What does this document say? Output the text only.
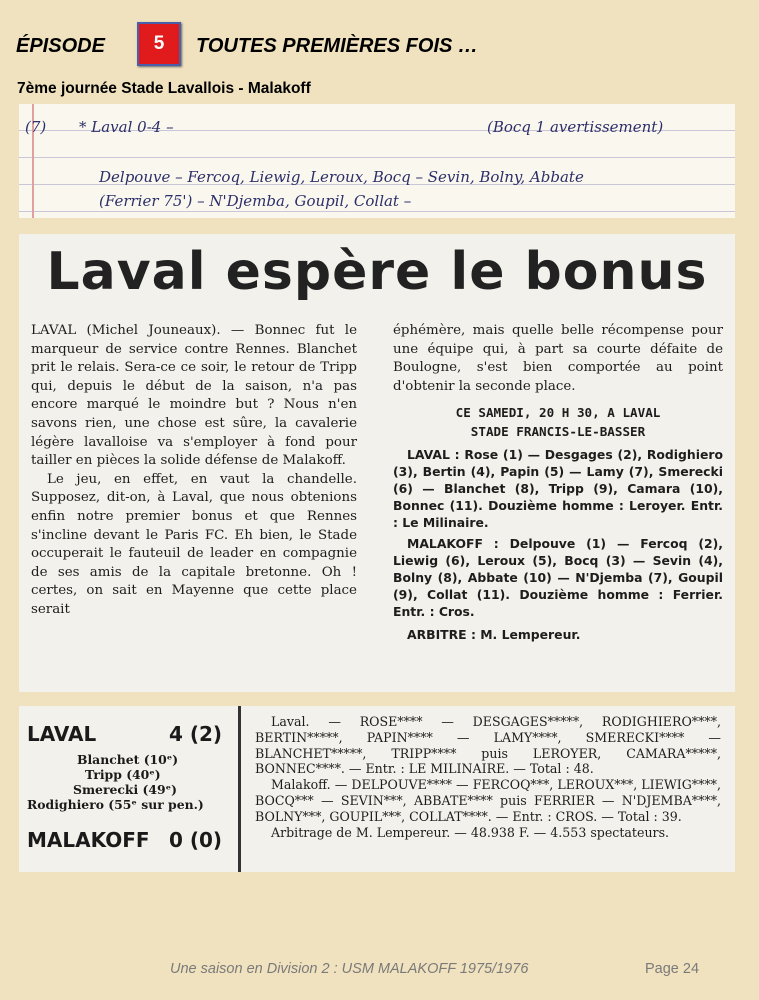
ÉPISODE	5	TOUTES PREMIÈRES FOIS …
7ème journée Stade Lavallois - Malakoff
(7) * Laval 0-4 –	(Bocq 1 avertissement)
Delpouve – Fercoq, Liewig, Leroux, Bocq – Sevin, Bolny, Abbate
(Ferrier 75') – N'Djemba, Goupil, Collat –
Laval espère le bonus

LAVAL (Michel Jouneaux). — Bonnec fut le marqueur de service contre Rennes. Blanchet prit le relais. Sera-ce ce soir, le retour de Tripp qui, depuis le début de la saison, n'a pas encore marqué le moindre but ? Nous n'en savons rien, une chose est sûre, la cavalerie légère lavalloise va s'employer à fond pour tailler en pièces la solide défense de Malakoff.

Le jeu, en effet, en vaut la chandelle. Supposez, dit-on, à Laval, que nous obtenions enfin notre premier bonus et que Rennes s'incline devant le Paris FC. Eh bien, le Stade occuperait le fauteuil de leader en compagnie de ses amis de la capitale bretonne. Oh ! certes, on sait en Mayenne que cette place serait

éphémère, mais quelle belle récompense pour une équipe qui, à part sa courte défaite de Boulogne, s'est bien comportée au point d'obtenir la seconde place.

CE SAMEDI, 20 H 30, A LAVAL

STADE FRANCIS-LE-BASSER

LAVAL : Rose (1) — Desgages (2), Rodighiero (3), Bertin (4), Papin (5) — Lamy (7), Smerecki (6) — Blanchet (8), Tripp (9), Camara (10), Bonnec (11). Douzième homme : Leroyer. Entr. : Le Milinaire.

MALAKOFF : Delpouve (1) — Fercoq (2), Liewig (6), Leroux (5), Bocq (3) — Sevin (4), Bolny (8), Abbate (10) — N'Djemba (7), Goupil (9), Collat (11). Douzième homme : Ferrier. Entr. : Cros.

ARBITRE : M. Lempereur.

LAVAL	4 (2)
Blanchet (10ᵉ)
Tripp (40ᵉ)
Smerecki (49ᵉ)
Rodighiero (55ᵉ sur pen.)
MALAKOFF 0 (0)

Laval. — ROSE**** — DESGAGES*****, RODIGHIERO****, BERTIN*****, PAPIN**** — LAMY****, SMERECKI**** — BLANCHET*****, TRIPP**** puis LEROYER, CAMARA*****, BONNEC****. — Entr. : LE MILINAIRE. — Total : 48.

Malakoff. — DELPOUVE**** — FERCOQ***, LEROUX***, LIEWIG****, BOCQ*** — SEVIN***, ABBATE**** puis FERRIER — N'DJEMBA****, BOLNY***, GOUPIL***, COLLAT****. — Entr. : CROS. — Total : 39.

Arbitrage de M. Lempereur. — 48.938 F. — 4.553 spectateurs.

Une saison en Division 2 : USM MALAKOFF 1975/1976	Page 24
